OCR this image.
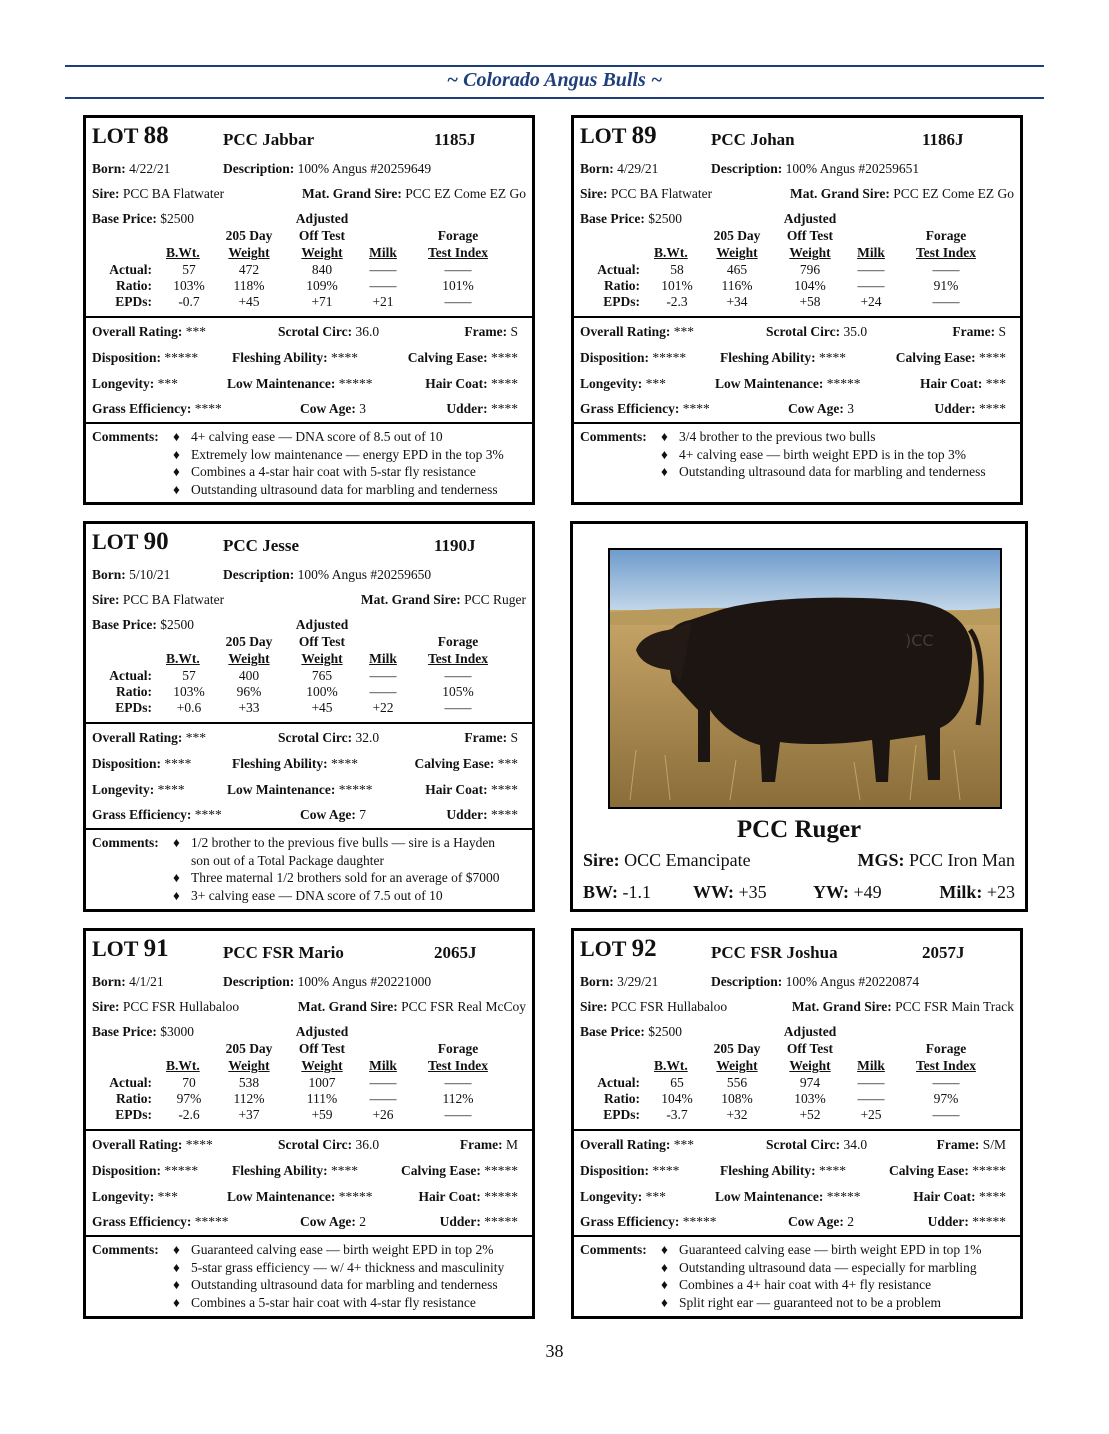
~ Colorado Angus Bulls ~
LOT 88	PCC Jabbar	1185J
Born: 4/22/21	Description: 100% Angus #20259649
Sire: PCC BA Flatwater	Mat. Grand Sire: PCC EZ Come EZ Go
Base Price: $2500	Adjusted
205 Day	Off Test	Forage
B.Wt.	Weight	Weight	Milk	Test Index
Actual:	57	472	840	——	——
Ratio:	103%	118%	109%	——	101%
EPDs:	-0.7	+45	+71	+21	——
Overall Rating: ***	Scrotal Circ: 36.0	Frame: S
Disposition: *****	Fleshing Ability: ****	Calving Ease: ****
Longevity: ***	Low Maintenance: *****	Hair Coat: ****
Grass Efficiency: ****	Cow Age: 3	Udder: ****
Comments: ♦ 4+ calving ease — DNA score of 8.5 out of 10
♦ Extremely low maintenance — energy EPD in the top 3%
♦ Combines a 4-star hair coat with 5-star fly resistance
♦ Outstanding ultrasound data for marbling and tenderness
LOT 89	PCC Johan	1186J
Born: 4/29/21	Description: 100% Angus #20259651
Sire: PCC BA Flatwater	Mat. Grand Sire: PCC EZ Come EZ Go
Base Price: $2500	Adjusted
205 Day	Off Test	Forage
B.Wt.	Weight	Weight	Milk	Test Index
Actual:	58	465	796	——	——
Ratio:	101%	116%	104%	——	91%
EPDs:	-2.3	+34	+58	+24	——
Overall Rating: ***	Scrotal Circ: 35.0	Frame: S
Disposition: *****	Fleshing Ability: ****	Calving Ease: ****
Longevity: ***	Low Maintenance: *****	Hair Coat: ***
Grass Efficiency: ****	Cow Age: 3	Udder: ****
Comments: ♦ 3/4 brother to the previous two bulls
♦ 4+ calving ease — birth weight EPD is in the top 3%
♦ Outstanding ultrasound data for marbling and tenderness
LOT 90	PCC Jesse	1190J
Born: 5/10/21	Description: 100% Angus #20259650
Sire: PCC BA Flatwater	Mat. Grand Sire: PCC Ruger
Base Price: $2500	Adjusted
205 Day	Off Test	Forage
B.Wt.	Weight	Weight	Milk	Test Index
Actual:	57	400	765	——	——
Ratio:	103%	96%	100%	——	105%
EPDs:	+0.6	+33	+45	+22	——
Overall Rating: ***	Scrotal Circ: 32.0	Frame: S
Disposition: ****	Fleshing Ability: ****	Calving Ease: ***
Longevity: ****	Low Maintenance: *****	Hair Coat: ****
Grass Efficiency: ****	Cow Age: 7	Udder: ****
Comments: ♦ 1/2 brother to the previous five bulls — sire is a Hayden
son out of a Total Package daughter
♦ Three maternal 1/2 brothers sold for an average of $7000
♦ 3+ calving ease — DNA score of 7.5 out of 10
LOT 91	PCC FSR Mario	2065J
Born: 4/1/21	Description: 100% Angus #20221000
Sire: PCC FSR Hullabaloo	Mat. Grand Sire: PCC FSR Real McCoy
Base Price: $3000	Adjusted
205 Day	Off Test	Forage
B.Wt.	Weight	Weight	Milk	Test Index
Actual:	70	538	1007	——	——
Ratio:	97%	112%	111%	——	112%
EPDs:	-2.6	+37	+59	+26	——
Overall Rating: ****	Scrotal Circ: 36.0	Frame: M
Disposition: *****	Fleshing Ability: ****	Calving Ease: *****
Longevity: ***	Low Maintenance: *****	Hair Coat: *****
Grass Efficiency: *****	Cow Age: 2	Udder: *****
Comments: ♦ Guaranteed calving ease — birth weight EPD in top 2%
♦ 5-star grass efficiency — w/ 4+ thickness and masculinity
♦ Outstanding ultrasound data for marbling and tenderness
♦ Combines a 5-star hair coat with 4-star fly resistance
LOT 92	PCC FSR Joshua	2057J
Born: 3/29/21	Description: 100% Angus #20220874
Sire: PCC FSR Hullabaloo	Mat. Grand Sire: PCC FSR Main Track
Base Price: $2500	Adjusted
205 Day	Off Test	Forage
B.Wt.	Weight	Weight	Milk	Test Index
Actual:	65	556	974	——	——
Ratio:	104%	108%	103%	——	97%
EPDs:	-3.7	+32	+52	+25	——
Overall Rating: ***	Scrotal Circ: 34.0	Frame: S/M
Disposition: ****	Fleshing Ability: ****	Calving Ease: *****
Longevity: ***	Low Maintenance: *****	Hair Coat: ****
Grass Efficiency: *****	Cow Age: 2	Udder: *****
Comments: ♦ Guaranteed calving ease — birth weight EPD in top 1%
♦ Outstanding ultrasound data — especially for marbling
♦ Combines a 4+ hair coat with 4+ fly resistance
♦ Split right ear — guaranteed not to be a problem
)CC
PCC Ruger
Sire: OCC Emancipate	MGS: PCC Iron Man
BW: -1.1 WW: +35	YW: +49	Milk: +23
38
